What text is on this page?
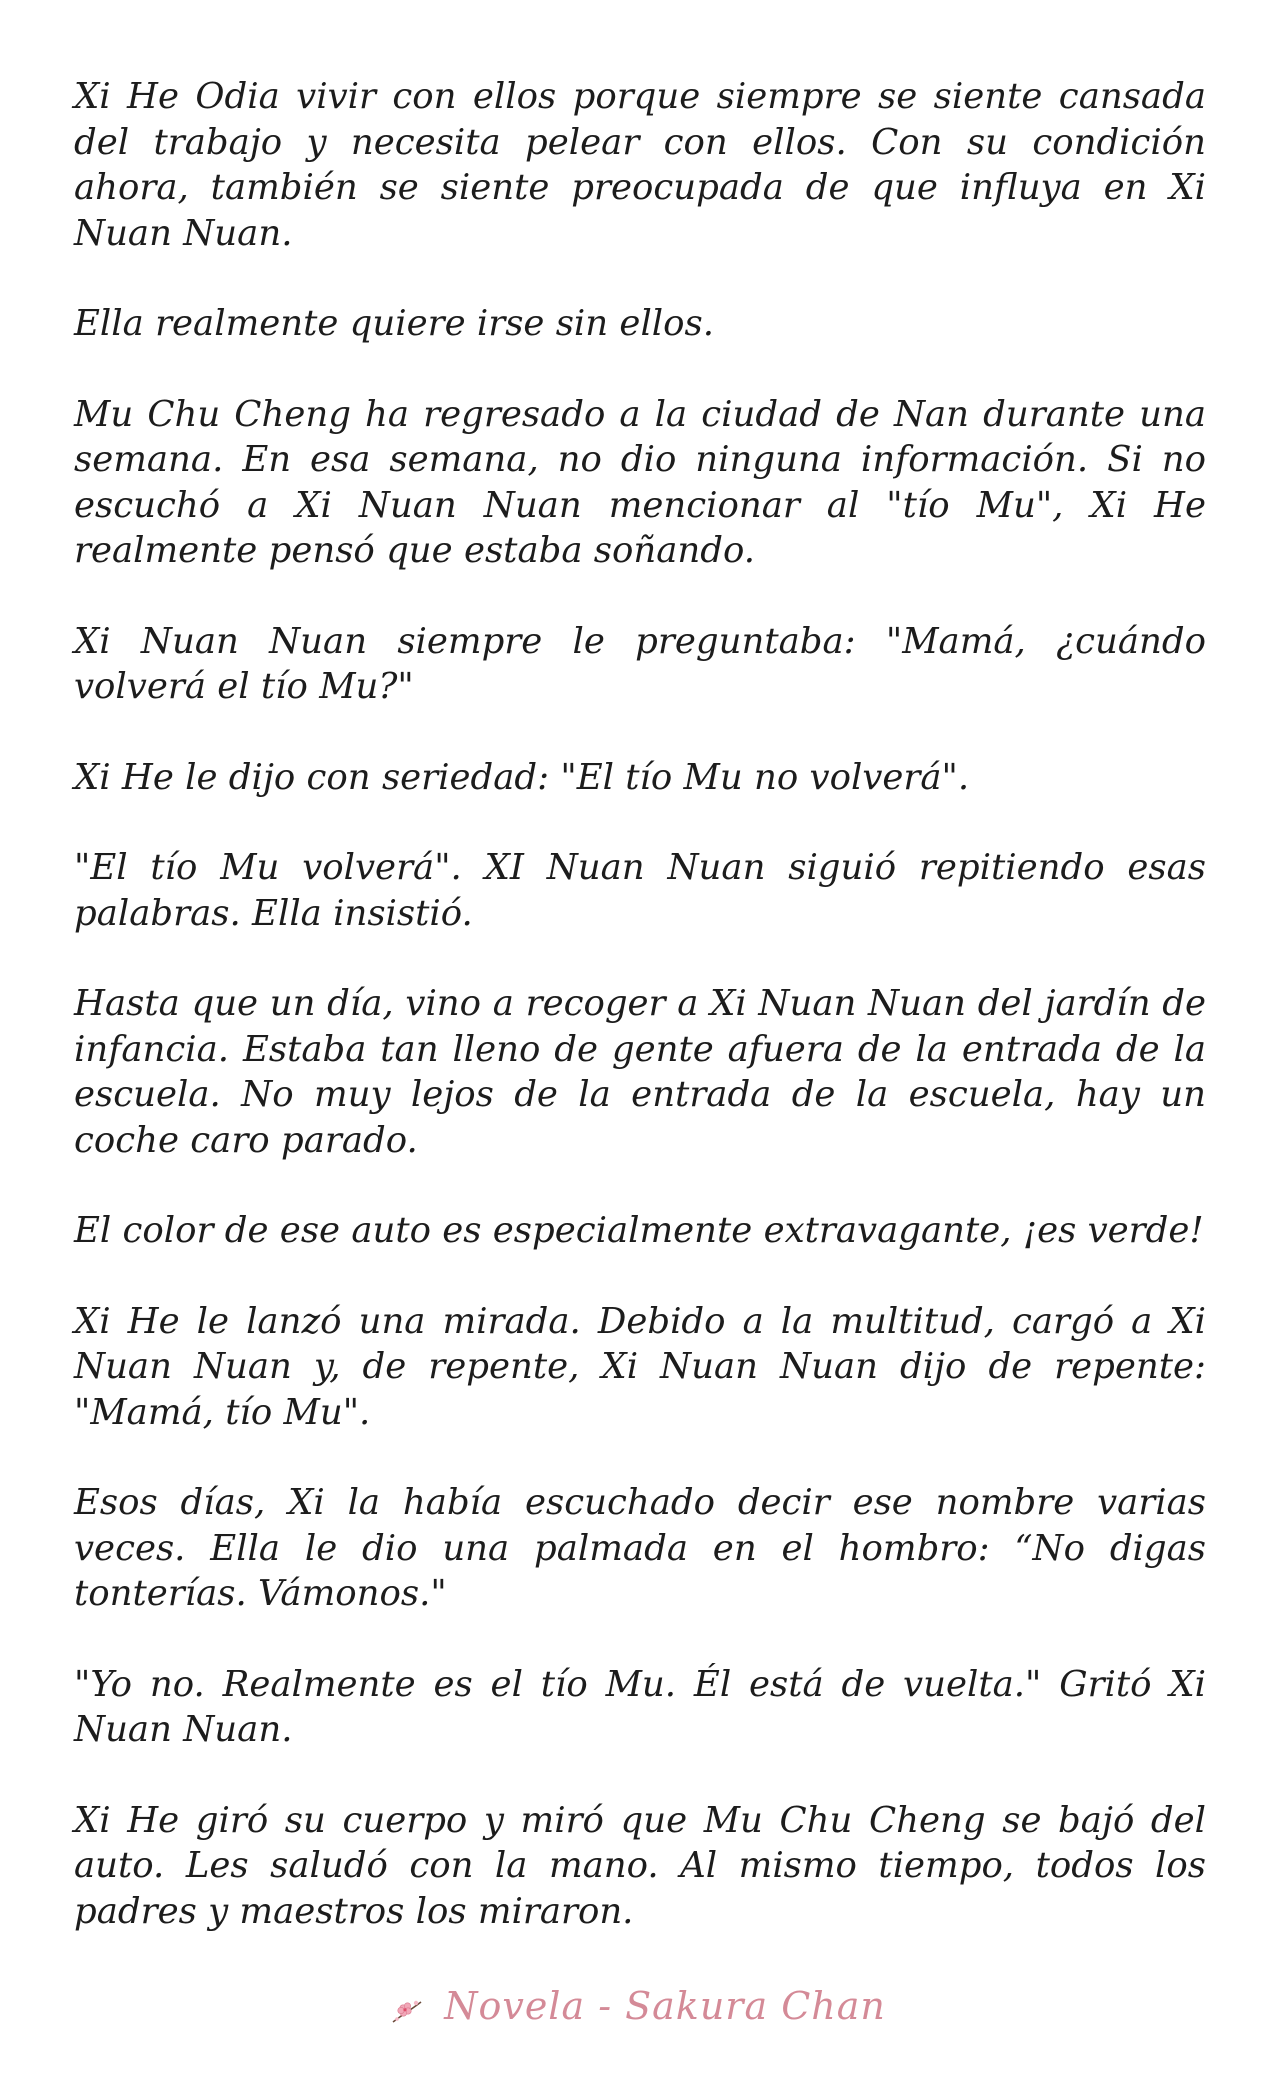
Xi He Odia vivir con ellos porque siempre se siente cansada del trabajo y necesita pelear con ellos. Con su condición ahora, también se siente preocupada de que influya en Xi Nuan Nuan.

Ella realmente quiere irse sin ellos.

Mu Chu Cheng ha regresado a la ciudad de Nan durante una semana. En esa semana, no dio ninguna información. Si no escuchó a Xi Nuan Nuan mencionar al "tío Mu", Xi He realmente pensó que estaba soñando.

Xi Nuan Nuan siempre le preguntaba: "Mamá, ¿cuándo volverá el tío Mu?"

Xi He le dijo con seriedad: "El tío Mu no volverá".

"El tío Mu volverá". XI Nuan Nuan siguió repitiendo esas palabras. Ella insistió.

Hasta que un día, vino a recoger a Xi Nuan Nuan del jardín de infancia. Estaba tan lleno de gente afuera de la entrada de la escuela. No muy lejos de la entrada de la escuela, hay un coche caro parado.

El color de ese auto es especialmente extravagante, ¡es verde!

Xi He le lanzó una mirada. Debido a la multitud, cargó a Xi Nuan Nuan y, de repente, Xi Nuan Nuan dijo de repente: "Mamá, tío Mu".

Esos días, Xi la había escuchado decir ese nombre varias veces. Ella le dio una palmada en el hombro: “No digas tonterías. Vámonos."

"Yo no. Realmente es el tío Mu. Él está de vuelta." Gritó Xi Nuan Nuan.

Xi He giró su cuerpo y miró que Mu Chu Cheng se bajó del auto. Les saludó con la mano. Al mismo tiempo, todos los padres y maestros los miraron.

Novela - Sakura Chan
